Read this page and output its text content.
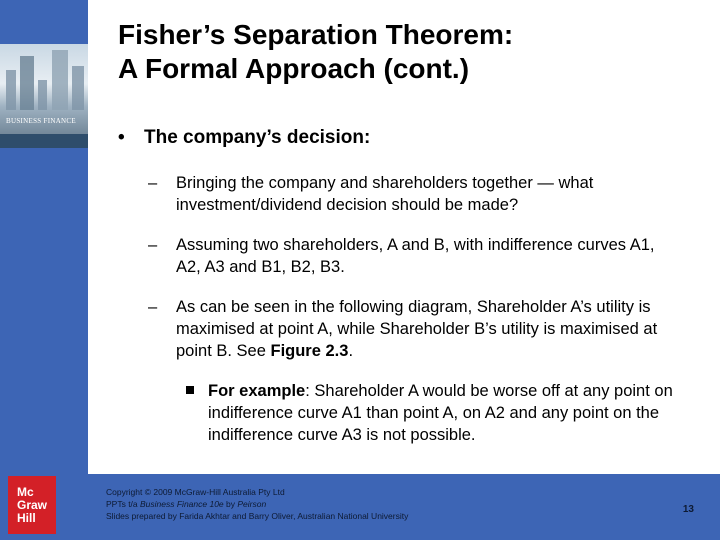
BUSINESS FINANCE
Fisher’s Separation Theorem:
A Formal Approach (cont.)
• The company’s decision:
– Bringing the company and shareholders together — what investment/dividend decision should be made?
– Assuming two shareholders, A and B, with indifference curves A1, A2, A3 and B1, B2, B3.
– As can be seen in the following diagram, Shareholder A’s utility is maximised at point A, while Shareholder B’s utility is maximised at point B. See Figure 2.3.
For example: Shareholder A would be worse off at any point on indifference curve A1 than point A, on A2 and any point on the indifference curve A3 is not possible.
Copyright © 2009 McGraw-Hill Australia Pty Ltd
PPTs t/a Business Finance 10e by Peirson
Slides prepared by Farida Akhtar and Barry Oliver, Australian National University
13
Mc
Graw
Hill
